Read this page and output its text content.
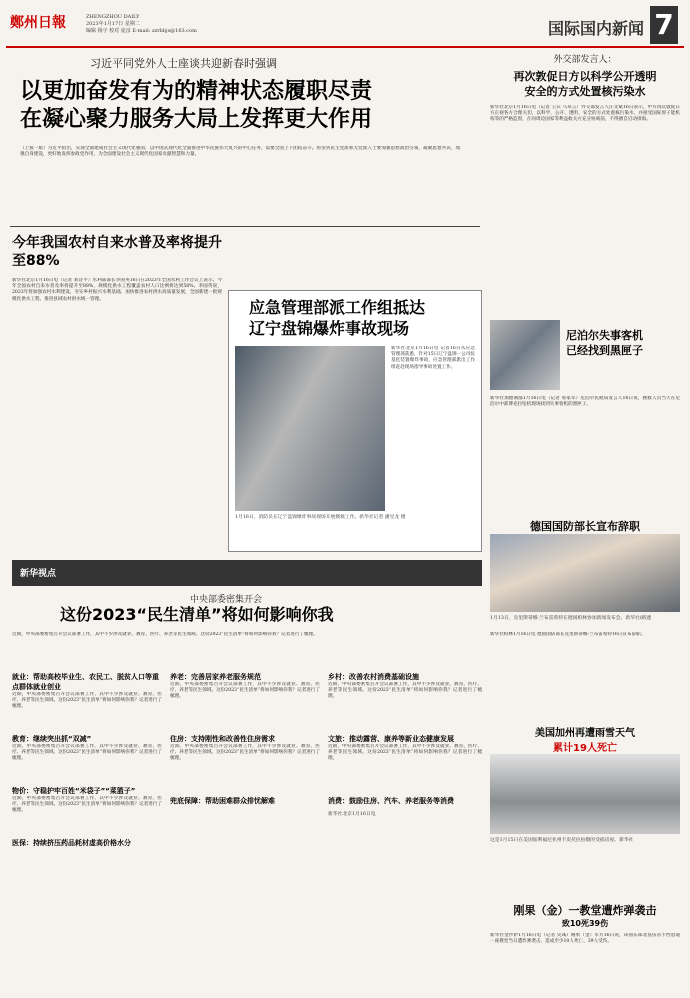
鄭州日報	ZHENGZHOU DAILY
2023年1月17日 星期二
编辑 杨宇 校对 庞彦 E-mail: zzrbbjs@163.com	国际国内新闻 7
习近平同党外人士座谈共迎新春时强调
以更加奋发有为的精神状态履职尽责
在凝心聚力服务大局上发挥更大作用
（上接一版）习近平指出，实现全面建成社会主义现代化强国，以中国式现代化全面推进中华民族伟大复兴的中心任务，需要全国上下团结奋斗。希望各民主党派和无党派人士要加强思想政治引领，凝聚思想共识，加强自身建设，更好地发挥参政党作用，为全面建设社会主义现代化国家贡献智慧和力量。
今年我国农村自来水普及率将提升至88%
新华社北京1月16日电（记者 刘诗平）水利部部长李国英16日在2023年全国水利工作会议上表示，今年全国农村自来水普及率将提升至88%，规模化供水工程覆盖农村人口比例将达到58%。李国英说，2023年将加强农村水利建设，夯实乡村振兴水利基础。加快推进农村供水高质量发展，全国新建一批规模化供水工程，推进县域农村供水统一管理。	应急管理部派工作组抵达
辽宁盘锦爆炸事故现场
新华社北京1月16日电 记者16日从应急管理部获悉，针对15日辽宁盘锦一公司烷基化装置爆炸事故，应急管理部派出工作组赶赴现场指导事故处置工作。
1月16日，消防员在辽宁盘锦爆炸事故现场开展搜救工作。新华社记者 潘昱龙 摄
外交部发言人：
再次敦促日方以科学公开透明
安全的方式处置核污染水
新华社北京1月16日电（记者 王宾 马卓言）外交部发言人汪文斌16日表示，中方再次敦促日方正视各方合理关切，以科学、公开、透明、安全的方式处置核污染水，并接受国际原子能机构等的严格监督，在同周边国家等利益攸关方充分协商前，不得擅自启动排海。
尼泊尔失事客机
已经找到黑匣子
新华社加德满都1月16日电（记者 易家军）尼泊尔民航局发言人16日说，搜救人员当天在尼泊尔中部博克拉坠机现场找到失事客机的黑匣子。
德国国防部长宣布辞职
1月13日，克里斯蒂娜·兰布雷希特在德国柏林参加新闻发布会。新华社/路透
新华社柏林1月16日电 德国国防部长克里斯蒂娜·兰布雷希特16日宣布辞职。
新华视点
中央部委密集开会
这份2023“民生清单”将如何影响你我
近期，中央部委密集召开会议部署工作，其中不少涉及就业、教育、医疗、养老等民生领域。这份2023“民生清单”将如何影响你我？记者进行了梳理。
就业：帮助高校毕业生、农民工、脱贫人口等重点群体就业创业
近期，中央部委密集召开会议部署工作，其中不少涉及就业、教育、医疗、养老等民生领域。这份2023“民生清单”将如何影响你我？记者进行了梳理。
教育：继续突出抓“双减”
近期，中央部委密集召开会议部署工作，其中不少涉及就业、教育、医疗、养老等民生领域。这份2023“民生清单”将如何影响你我？记者进行了梳理。
物价：守稳护牢百姓“米袋子”“菜篮子”
近期，中央部委密集召开会议部署工作，其中不少涉及就业、教育、医疗、养老等民生领域。这份2023“民生清单”将如何影响你我？记者进行了梳理。
医保：持续挤压药品耗材虚高价格水分
养老：完善居家养老服务规范
近期，中央部委密集召开会议部署工作，其中不少涉及就业、教育、医疗、养老等民生领域。这份2023“民生清单”将如何影响你我？记者进行了梳理。
住房：支持刚性和改善性住房需求
近期，中央部委密集召开会议部署工作，其中不少涉及就业、教育、医疗、养老等民生领域。这份2023“民生清单”将如何影响你我？记者进行了梳理。
兜底保障：帮助困难群众排忧解难
乡村：改善农村消费基础设施
近期，中央部委密集召开会议部署工作，其中不少涉及就业、教育、医疗、养老等民生领域。这份2023“民生清单”将如何影响你我？记者进行了梳理。
文旅：推动露营、康养等新业态健康发展
近期，中央部委密集召开会议部署工作，其中不少涉及就业、教育、医疗、养老等民生领域。这份2023“民生清单”将如何影响你我？记者进行了梳理。
消费：鼓励住房、汽车、养老服务等消费
新华社北京1月16日电
美国加州再遭雨雪天气
累计19人死亡
这是1月15日在美国加利福尼亚州卡皮托拉拍摄的受损房屋。新华社
刚果（金）一教堂遭炸弹袭击
致10死39伤
新华社金沙萨1月16日电（记者 史彧）刚果（金）军方16日说，该国东部北基伍省卡西恩迪一座教堂当日遭炸弹袭击，造成至少10人死亡、39人受伤。
